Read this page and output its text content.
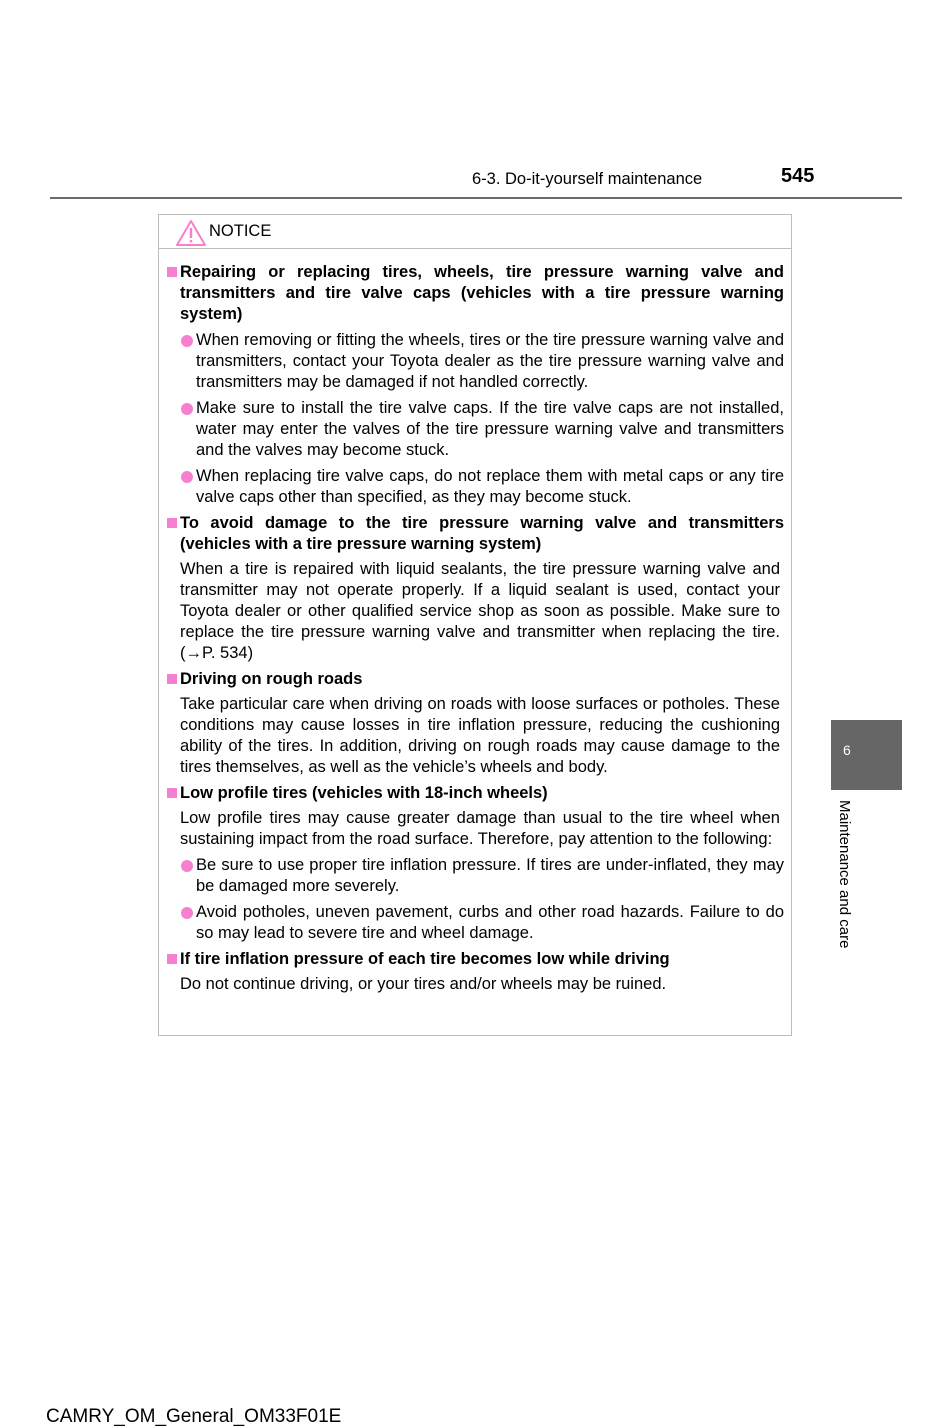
6-3. Do-it-yourself maintenance	545
NOTICE
Repairing or replacing tires, wheels, tire pressure warning valve and transmitters and tire valve caps (vehicles with a tire pressure warning system)
When removing or fitting the wheels, tires or the tire pressure warning valve and transmitters, contact your Toyota dealer as the tire pressure warning valve and transmitters may be damaged if not handled correctly.
Make sure to install the tire valve caps. If the tire valve caps are not installed, water may enter the valves of the tire pressure warning valve and transmitters and the valves may become stuck.
When replacing tire valve caps, do not replace them with metal caps or any tire valve caps other than specified, as they may become stuck.
To avoid damage to the tire pressure warning valve and transmitters (vehicles with a tire pressure warning system)
When a tire is repaired with liquid sealants, the tire pressure warning valve and transmitter may not operate properly. If a liquid sealant is used, contact your Toyota dealer or other qualified service shop as soon as possible. Make sure to replace the tire pressure warning valve and transmitter when replacing the tire. (→P. 534)
Driving on rough roads
Take particular care when driving on roads with loose surfaces or potholes. These conditions may cause losses in tire inflation pressure, reducing the cushioning ability of the tires. In addition, driving on rough roads may cause damage to the tires themselves, as well as the vehicle’s wheels and body.
Low profile tires (vehicles with 18-inch wheels)
Low profile tires may cause greater damage than usual to the tire wheel when sustaining impact from the road surface. Therefore, pay attention to the following:
Be sure to use proper tire inflation pressure. If tires are under-inflated, they may be damaged more severely.
Avoid potholes, uneven pavement, curbs and other road hazards. Failure to do so may lead to severe tire and wheel damage.
If tire inflation pressure of each tire becomes low while driving
Do not continue driving, or your tires and/or wheels may be ruined.
6
Maintenance and care
CAMRY_OM_General_OM33F01E
